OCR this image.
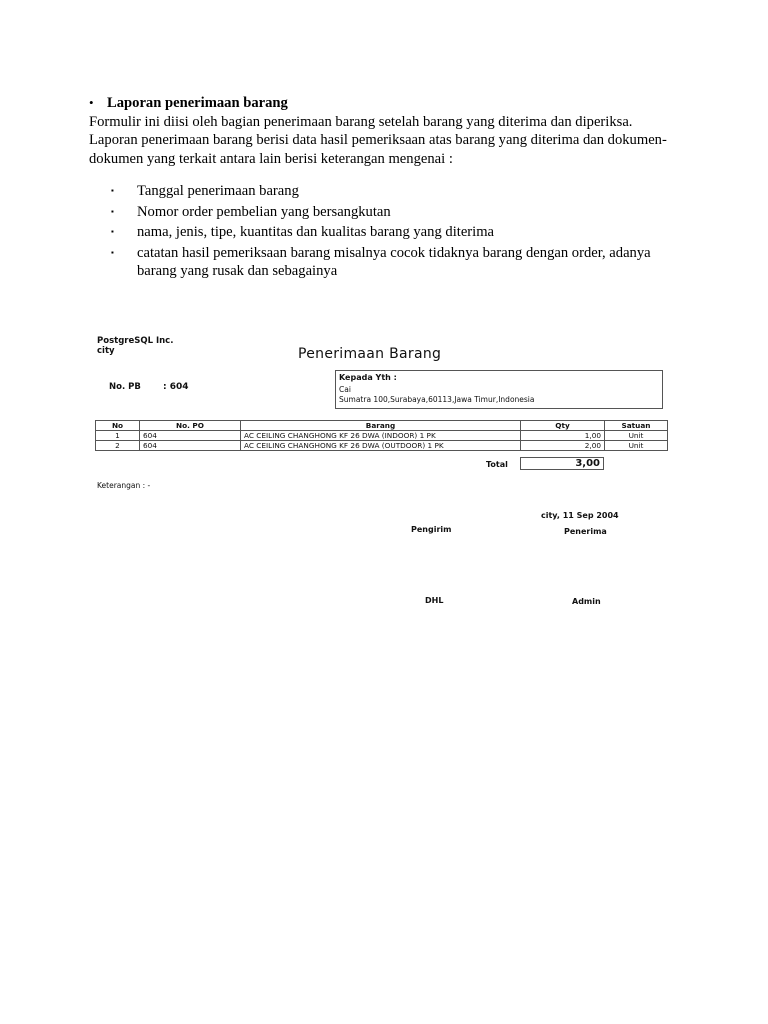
• Laporan penerimaan barang
Formulir ini diisi oleh bagian penerimaan barang setelah barang yang diterima dan diperiksa.
Laporan penerimaan barang berisi data hasil pemeriksaan atas barang yang diterima dan dokumen-dokumen yang terkait antara lain berisi keterangan mengenai :
▪	Tanggal penerimaan barang
▪	Nomor order pembelian yang bersangkutan
▪	nama, jenis, tipe, kuantitas dan kualitas barang yang diterima
▪	catatan hasil pemeriksaan barang misalnya cocok tidaknya barang dengan order, adanya barang yang rusak dan sebagainya
PostgreSQL Inc.
city	Penerimaan Barang
No. PB : 604
Kepada Yth :
Cai
Sumatra 100,Surabaya,60113,Jawa Timur,Indonesia
No	No. PO	Barang	Qty	Satuan
1	604	AC CEILING CHANGHONG KF 26 DWA (INDOOR) 1 PK	1,00	Unit
2	604	AC CEILING CHANGHONG KF 26 DWA (OUTDOOR) 1 PK	2,00	Unit
Total	3,00
Keterangan : -
city, 11 Sep 2004
Pengirim	Penerima
DHL	Admin
